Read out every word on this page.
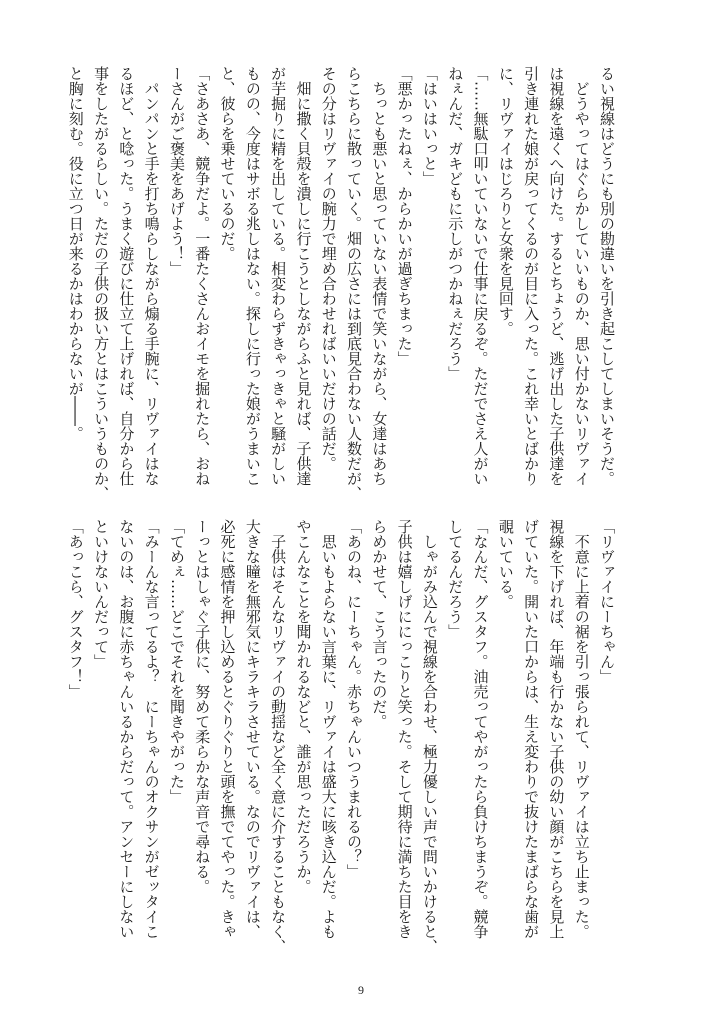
るい視線はどうにも別の勘違いを引き起こしてしまいそうだ。
　どうやってはぐらかしていいものか、思い付かないリヴァイ
は視線を遠くへ向けた。するとちょうど、逃げ出した子供達を
引き連れた娘が戻ってくるのが目に入った。これ幸いとばかり
に、リヴァイはじろりと女衆を見回す。
「……無駄口叩いていないで仕事に戻るぞ。ただでさえ人がい
ねぇんだ、ガキどもに示しがつかねぇだろう」
「はいはいっと」
「悪かったねぇ、からかいが過ぎちまった」
　ちっとも悪いと思っていない表情で笑いながら、女達はあち
らこちらに散っていく。畑の広さには到底見合わない人数だが、
その分はリヴァイの腕力で埋め合わせればいいだけの話だ。
　畑に撒く貝殻を潰しに行こうとしながらふと見れば、子供達
が芋掘りに精を出している。相変わらずきゃっきゃと騒がしい
ものの、今度はサボる兆しはない。探しに行った娘がうまいこ
と、彼らを乗せているのだ。
「さあさあ、競争だよ。一番たくさんおイモを掘れたら、おね
ーさんがご褒美をあげよう！」
　パンパンと手を打ち鳴らしながら煽る手腕に、リヴァイはな
るほど、と唸った。うまく遊びに仕立て上げれば、自分から仕
事をしたがるらしい。ただの子供の扱い方とはこういうものか、
と胸に刻む。役に立つ日が来るかはわからないが――。
「リヴァイにーちゃん」
　不意に上着の裾を引っ張られて、リヴァイは立ち止まった。
視線を下げれば、年端も行かない子供の幼い顔がこちらを見上
げていた。開いた口からは、生え変わりで抜けたまばらな歯が
覗いている。
「なんだ、グスタフ。油売ってやがったら負けちまうぞ。競争
してるんだろう」
　しゃがみ込んで視線を合わせ、極力優しい声で問いかけると、
子供は嬉しげににっこりと笑った。そして期待に満ちた目をき
らめかせて、こう言ったのだ。
「あのね、にーちゃん。赤ちゃんいつうまれるの？」
　思いもよらない言葉に、リヴァイは盛大に咳き込んだ。よも
やこんなことを聞かれるなどと、誰が思っただろうか。
　子供はそんなリヴァイの動揺など全く意に介することもなく、
大きな瞳を無邪気にキラキラさせている。なのでリヴァイは、
必死に感情を押し込めるとぐりぐりと頭を撫でてやった。きゃ
ーっとはしゃぐ子供に、努めて柔らかな声音で尋ねる。
「てめぇ……どこでそれを聞きやがった」
「みーんな言ってるよ？　にーちゃんのオクサンがゼッタイこ
ないのは、お腹に赤ちゃんいるからだって。アンセーにしない
といけないんだって」
「あっこら、グスタフ！」
9
